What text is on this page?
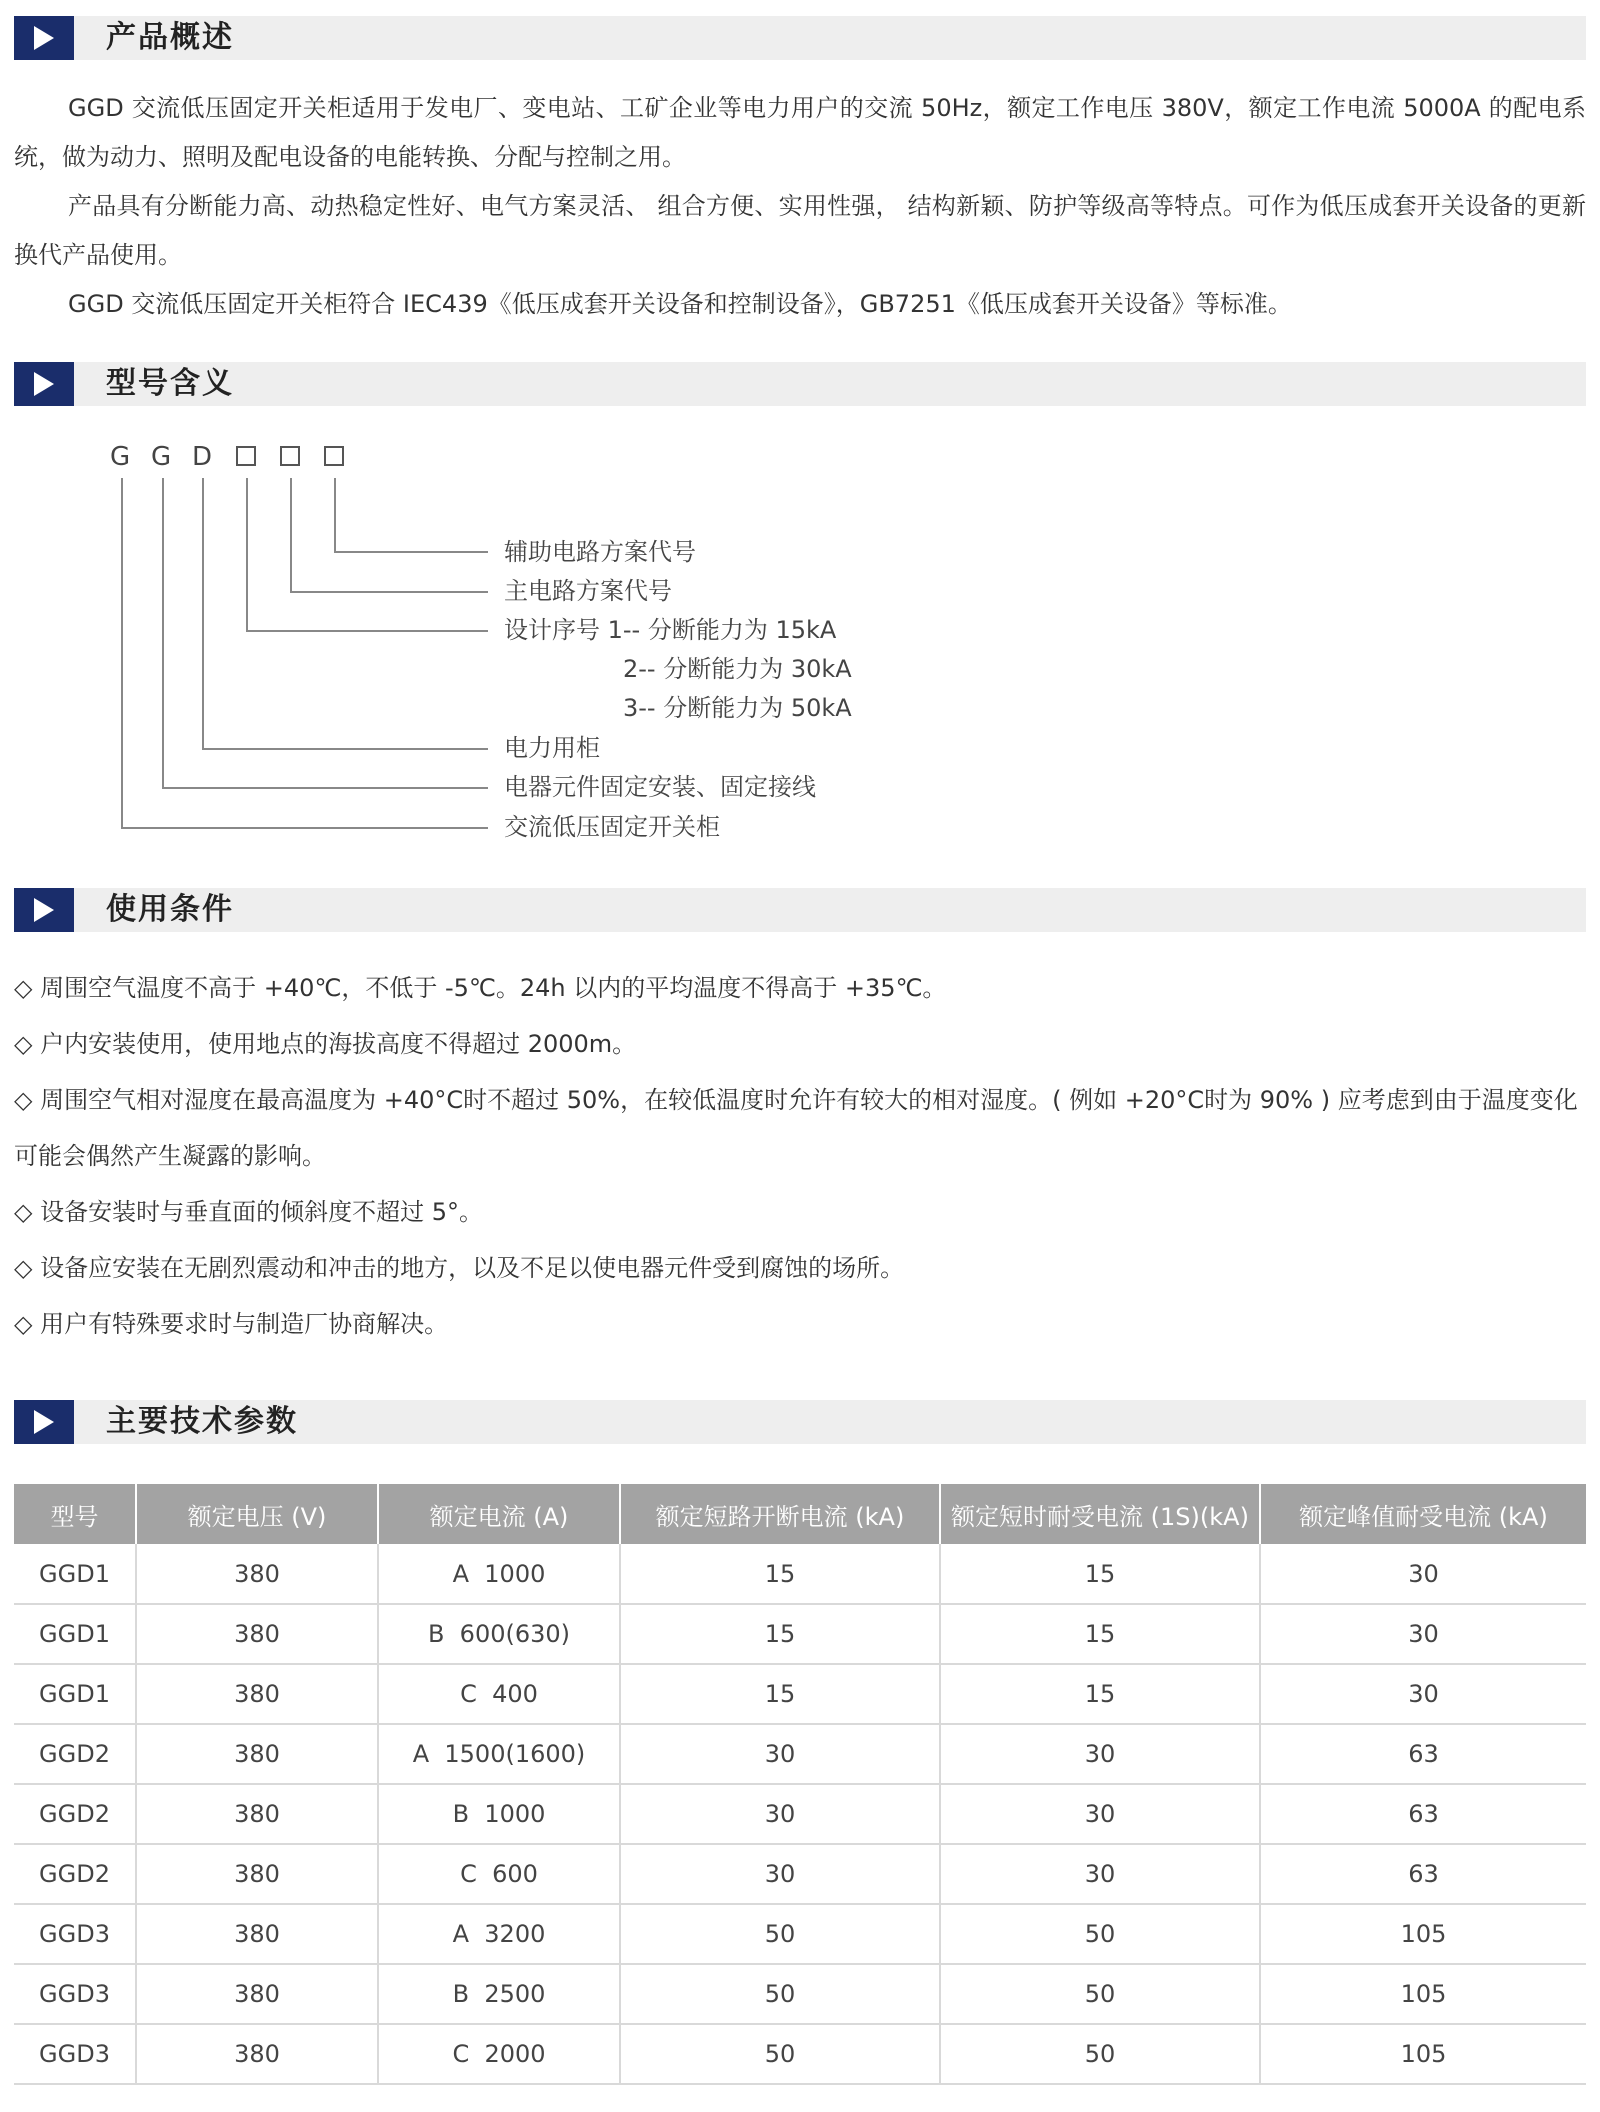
产品概述

GGD 交流低压固定开关柜适用于发电厂、变电站、工矿企业等电力用户的交流 50Hz，额定工作电压 380V，额定工作电流 5000A 的配电系统，做为动力、照明及配电设备的电能转换、分配与控制之用。

产品具有分断能力高、动热稳定性好、电气方案灵活、 组合方便、实用性强， 结构新颖、防护等级高等特点。可作为低压成套开关设备的更新换代产品使用。

GGD 交流低压固定开关柜符合 IEC439《低压成套开关设备和控制设备》，GB7251《低压成套开关设备》等标准。

型号含义
G G D
辅助电路方案代号
主电路方案代号
设计序号 1-- 分断能力为 15kA
2-- 分断能力为 30kA
3-- 分断能力为 50kA
电力用柜
电器元件固定安装、固定接线
交流低压固定开关柜
使用条件

◇ 周围空气温度不高于 +40℃，不低于 -5℃。24h 以内的平均温度不得高于 +35℃。

◇ 户内安装使用，使用地点的海拔高度不得超过 2000m。

◇ 周围空气相对湿度在最高温度为 +40°C时不超过 50%，在较低温度时允许有较大的相对湿度。( 例如 +20°C时为 90% ) 应考虑到由于温度变化可能会偶然产生凝露的影响。

◇ 设备安装时与垂直面的倾斜度不超过 5°。

◇ 设备应安装在无剧烈震动和冲击的地方，以及不足以使电器元件受到腐蚀的场所。

◇ 用户有特殊要求时与制造厂协商解决。

主要技术参数
型号	额定电压 (V)	额定电流 (A)	额定短路开断电流 (kA)	额定短时耐受电流 (1S)(kA)	额定峰值耐受电流 (kA)
GGD1	380	A  1000	15	15	30
GGD1	380	B  600(630)	15	15	30
GGD1	380	C  400	15	15	30
GGD2	380	A  1500(1600)	30	30	63
GGD2	380	B  1000	30	30	63
GGD2	380	C  600	30	30	63
GGD3	380	A  3200	50	50	105
GGD3	380	B  2500	50	50	105
GGD3	380	C  2000	50	50	105
